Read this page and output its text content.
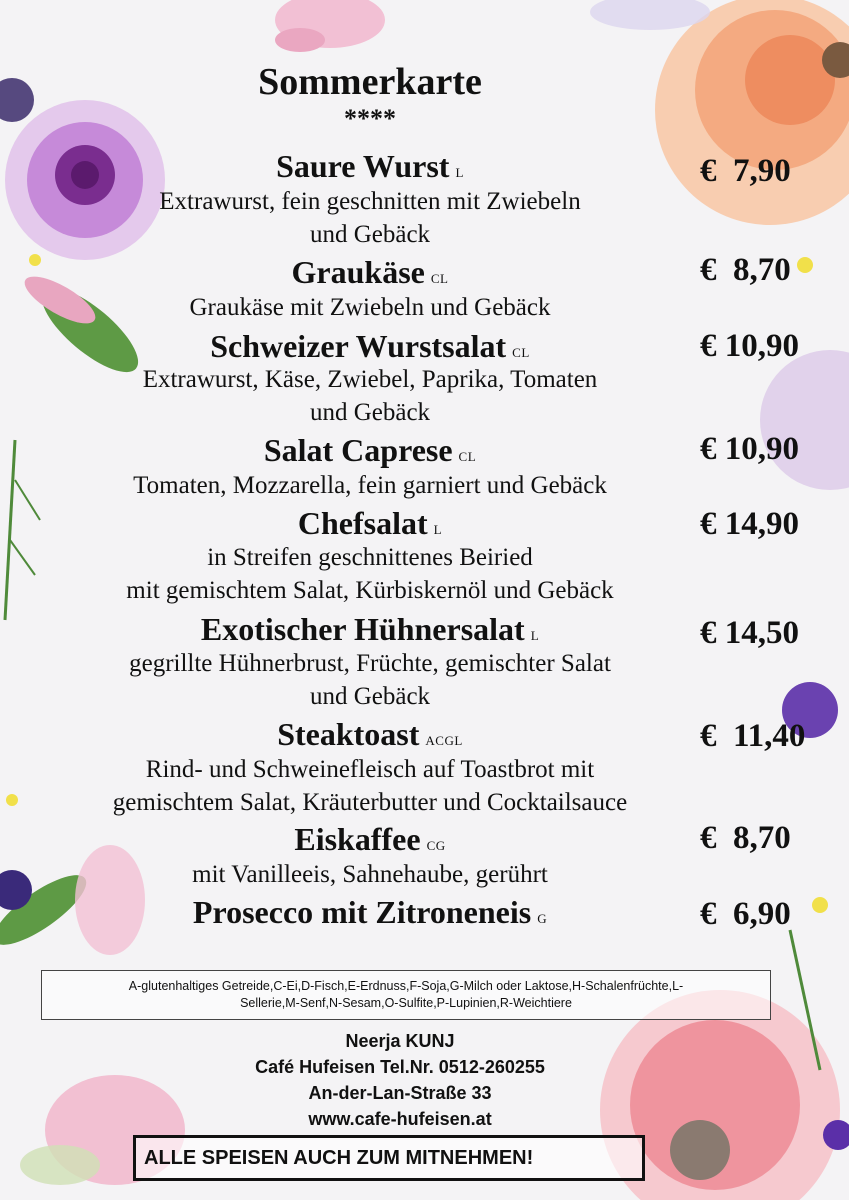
Sommerkarte
****
Saure Wurst L	€  7,90
Extrawurst, fein geschnitten mit Zwiebeln
und Gebäck
Graukäse CL	€  8,70
Graukäse mit Zwiebeln und Gebäck
Schweizer Wurstsalat CL	€ 10,90
Extrawurst, Käse, Zwiebel, Paprika, Tomaten
und Gebäck
Salat Caprese CL	€ 10,90
Tomaten, Mozzarella, fein garniert und Gebäck
Chefsalat L	€ 14,90
in Streifen geschnittenes Beiried
mit gemischtem Salat, Kürbiskernöl und Gebäck
Exotischer Hühnersalat L	€ 14,50
gegrillte Hühnerbrust, Früchte, gemischter Salat
und Gebäck
Steaktoast ACGL	€  11,40
Rind- und Schweinefleisch auf Toastbrot mit
gemischtem Salat, Kräuterbutter und Cocktailsauce
Eiskaffee CG	€  8,70
mit Vanilleeis, Sahnehaube, gerührt
Prosecco mit Zitroneneis G	€  6,90
A-glutenhaltiges Getreide,C-Ei,D-Fisch,E-Erdnuss,F-Soja,G-Milch oder Laktose,H-Schalenfrüchte,L-
Sellerie,M-Senf,N-Sesam,O-Sulfite,P-Lupinien,R-Weichtiere
Neerja KUNJ
Café Hufeisen Tel.Nr. 0512-260255
An-der-Lan-Straße 33
www.cafe-hufeisen.at
ALLE SPEISEN AUCH ZUM MITNEHMEN!
